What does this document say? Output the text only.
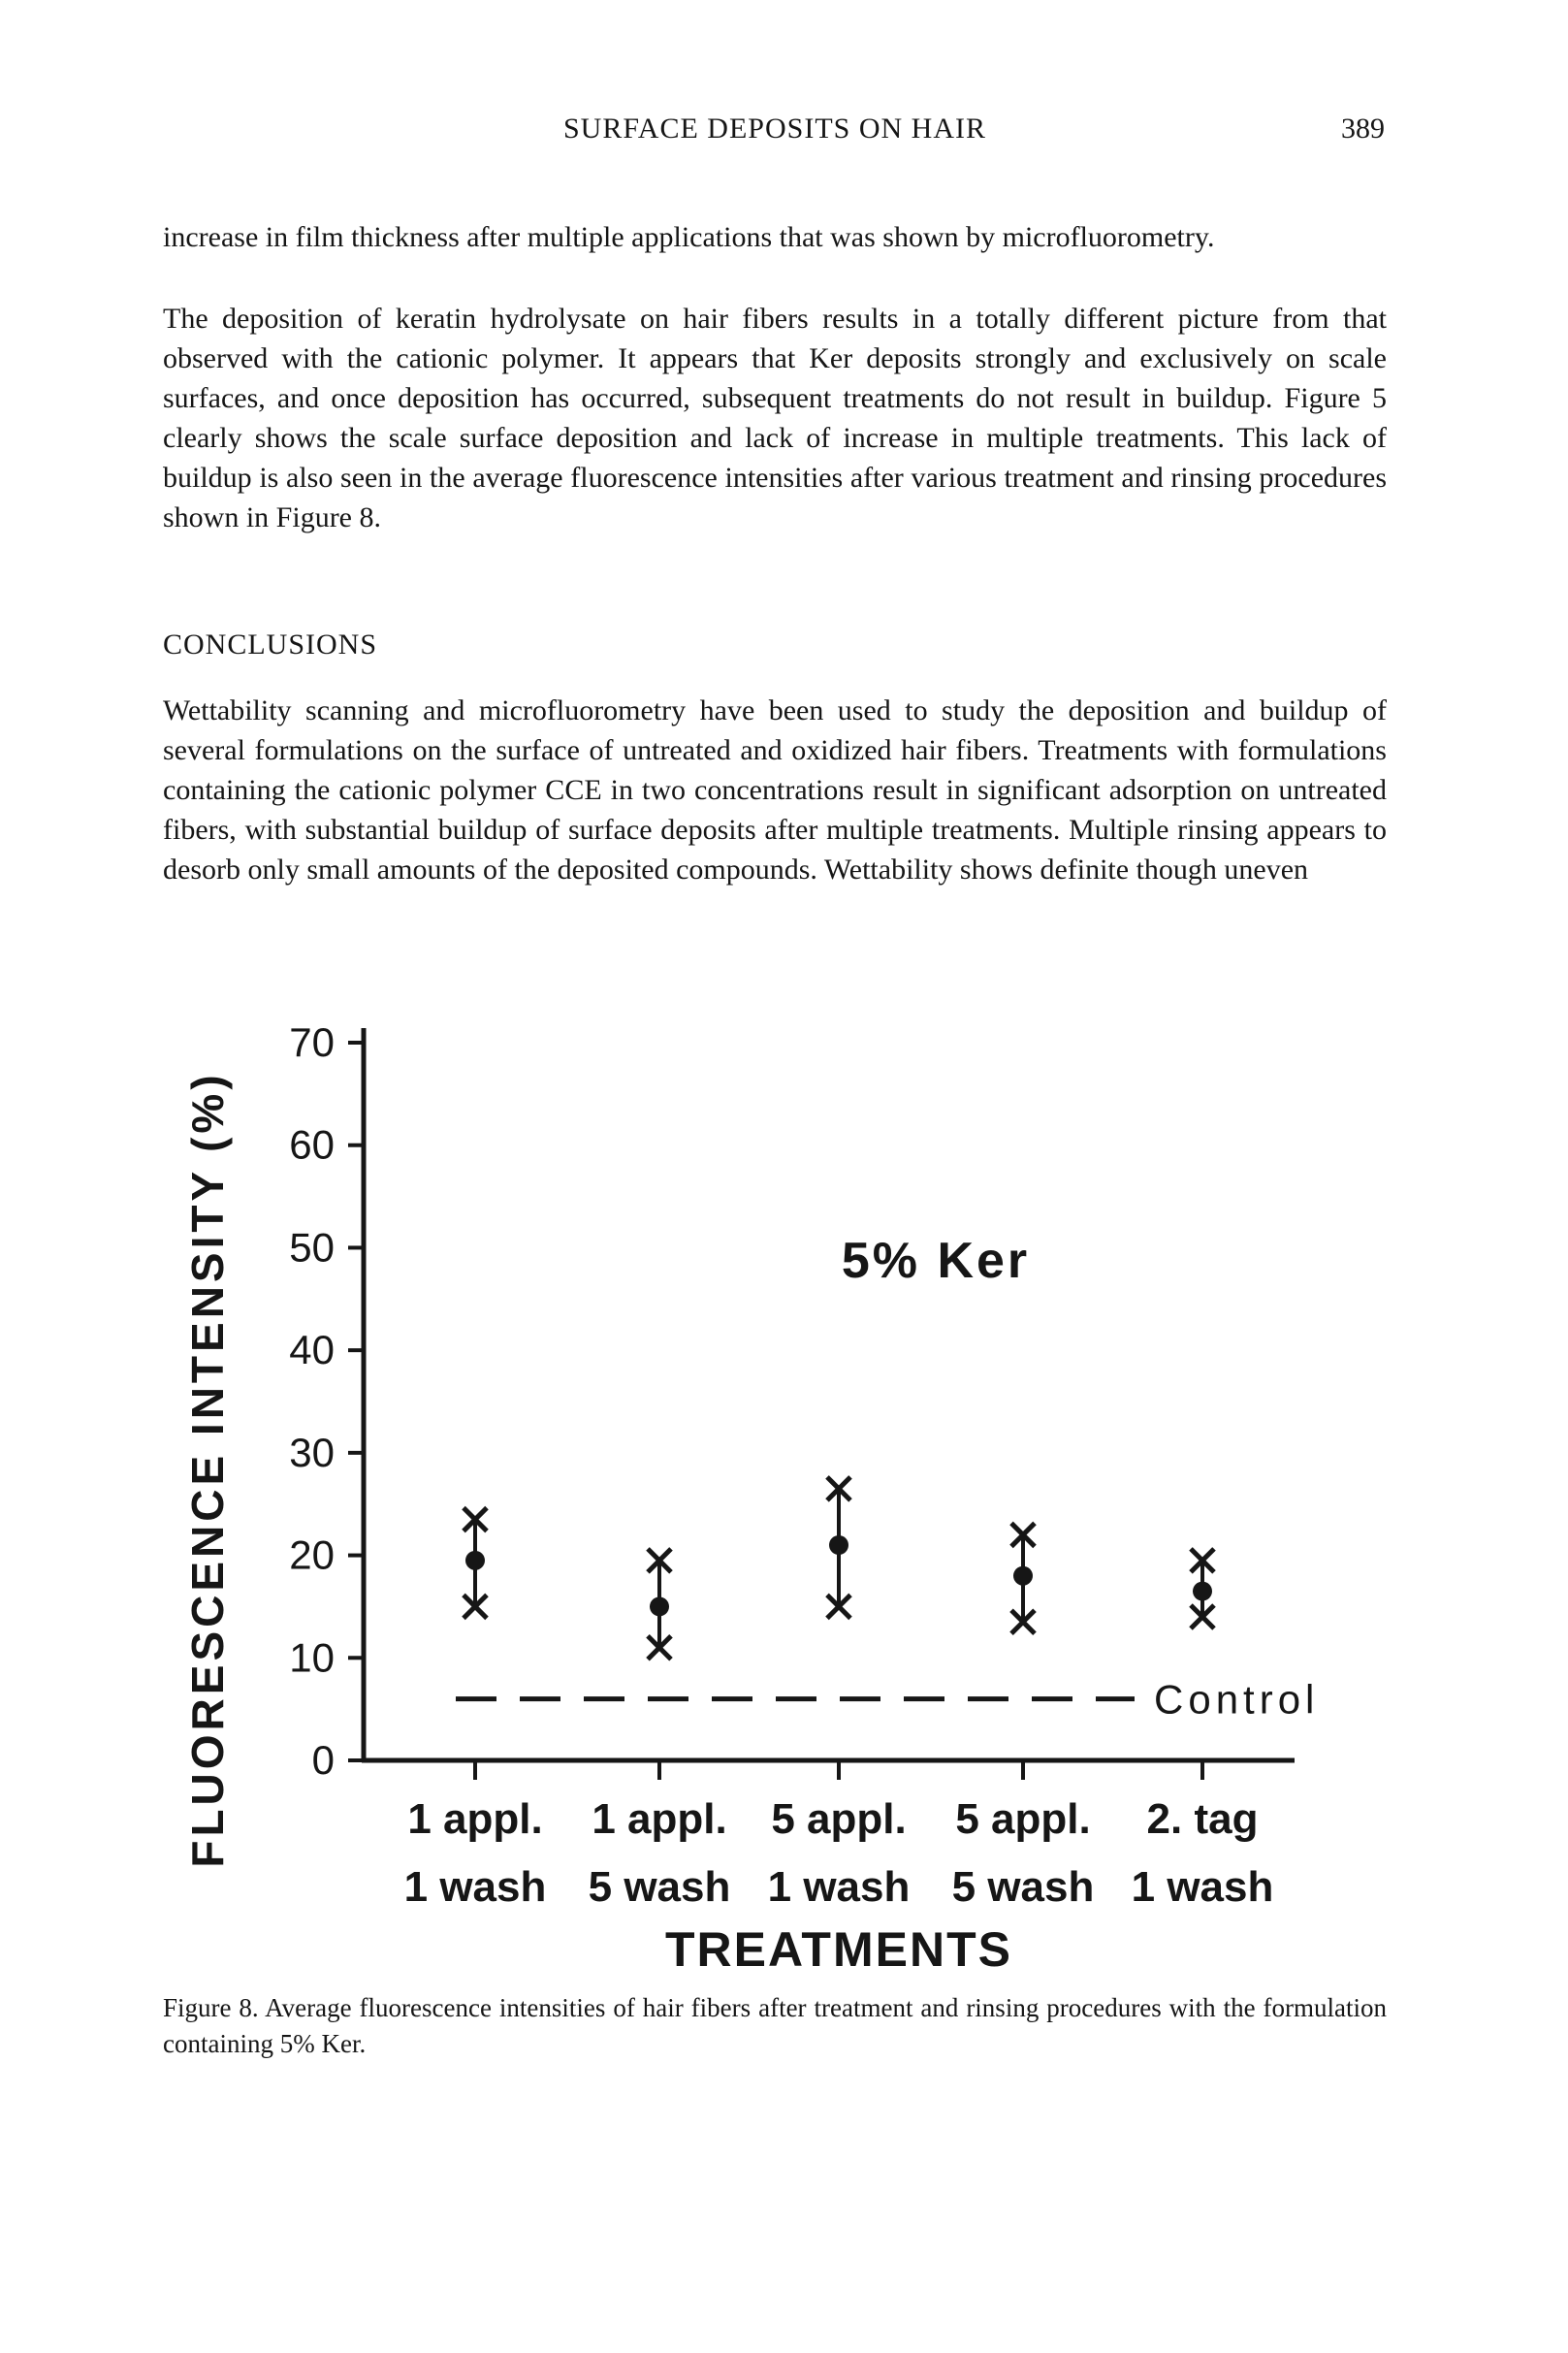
SURFACE DEPOSITS ON HAIR	389

increase in film thickness after multiple applications that was shown by microfluorometry.

The deposition of keratin hydrolysate on hair fibers results in a totally different picture from that observed with the cationic polymer. It appears that Ker deposits strongly and exclusively on scale surfaces, and once deposition has occurred, subsequent treatments do not result in buildup. Figure 5 clearly shows the scale surface deposition and lack of increase in multiple treatments. This lack of buildup is also seen in the average fluorescence intensities after various treatment and rinsing procedures shown in Figure 8.

CONCLUSIONS

Wettability scanning and microfluorometry have been used to study the deposition and buildup of several formulations on the surface of untreated and oxidized hair fibers. Treatments with formulations containing the cationic polymer CCE in two concentrations result in significant adsorption on untreated fibers, with substantial buildup of surface deposits after multiple treatments. Multiple rinsing appears to desorb only small amounts of the deposited compounds. Wettability shows definite though uneven

0
10
20
30
40
50
60
70
Control
5% Ker
1 appl.
1 wash
1 appl.
5 wash
5 appl.
1 wash
5 appl.
5 wash
2. tag
1 wash
TREATMENTS
FLUORESCENCE INTENSITY (%)

Figure 8. Average fluorescence intensities of hair fibers after treatment and rinsing procedures with the formulation containing 5% Ker.
